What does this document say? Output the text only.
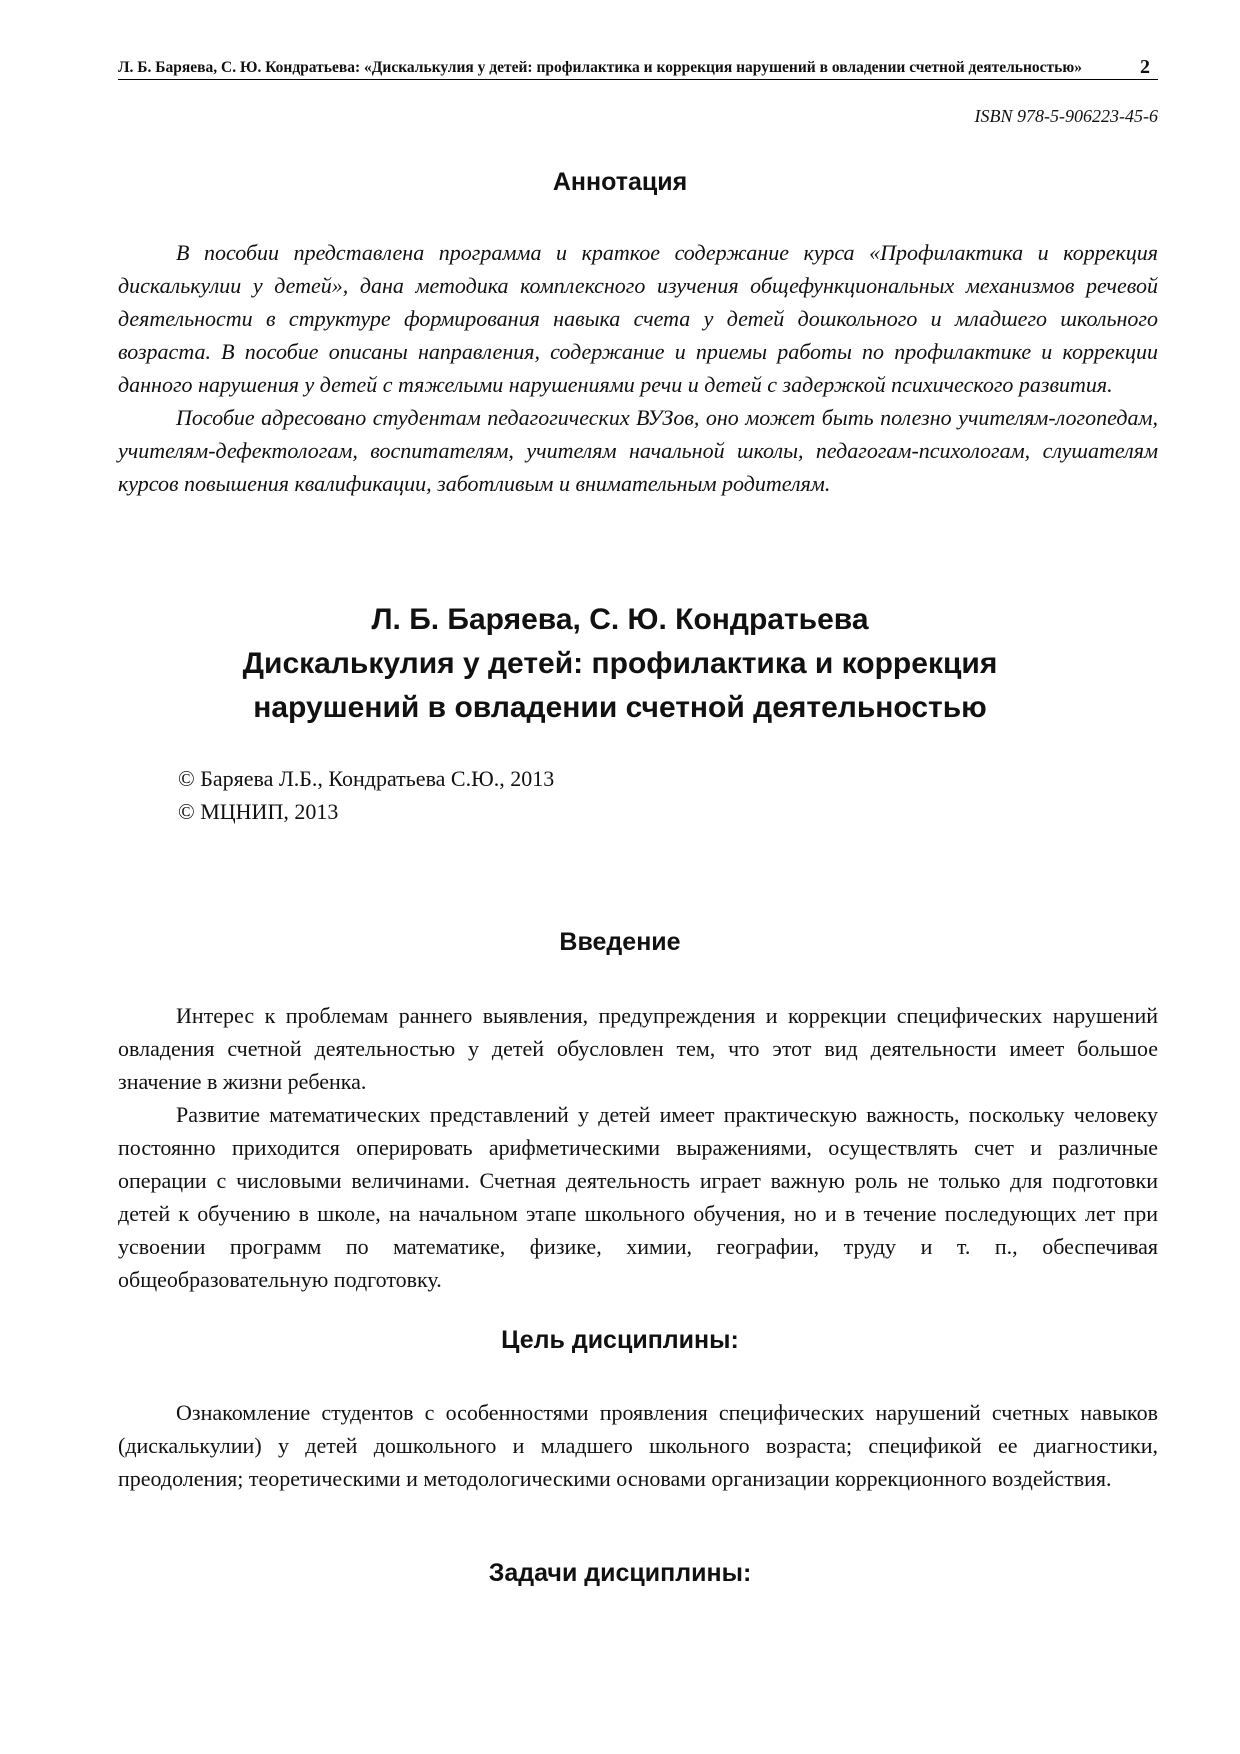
Л. Б. Баряева, С. Ю. Кондратьева: «Дискалькулия у детей: профилактика и коррекция нарушений в овладении счетной деятельностью»	2
ISBN 978-5-906223-45-6
Аннотация

В пособии представлена программа и краткое содержание курса «Профилактика и коррекция дискалькулии у детей», дана методика комплексного изучения общефункциональных механизмов речевой деятельности в структуре формирования навыка счета у детей дошкольного и младшего школьного возраста. В пособие описаны направления, содержание и приемы работы по профилактике и коррекции данного нарушения у детей с тяжелыми нарушениями речи и детей с задержкой психического развития.

Пособие адресовано студентам педагогических ВУЗов, оно может быть полезно учителям-логопедам, учителям-дефектологам, воспитателям, учителям начальной школы, педагогам-психологам, слушателям курсов повышения квалификации, заботливым и внимательным родителям.

Л. Б. Баряева, С. Ю. Кондратьева
Дискалькулия у детей: профилактика и коррекция
нарушений в овладении счетной деятельностью
© Баряева Л.Б., Кондратьева С.Ю., 2013
© МЦНИП, 2013
Введение

Интерес к проблемам раннего выявления, предупреждения и коррекции специфических нарушений овладения счетной деятельностью у детей обусловлен тем, что этот вид деятельности имеет большое значение в жизни ребенка.

Развитие математических представлений у детей имеет практическую важность, поскольку человеку постоянно приходится оперировать арифметическими выражениями, осуществлять счет и различные операции с числовыми величинами. Счетная деятельность играет важную роль не только для подготовки детей к обучению в школе, на начальном этапе школьного обучения, но и в течение последующих лет при усвоении программ по математике, физике, химии, географии, труду и т. п., обеспечивая общеобразовательную подготовку.

Цель дисциплины:

Ознакомление студентов с особенностями проявления специфических нарушений счетных навыков (дискалькулии) у детей дошкольного и младшего школьного возраста; спецификой ее диагностики, преодоления; теоретическими и методологическими основами организации коррекционного воздействия.

Задачи дисциплины:
